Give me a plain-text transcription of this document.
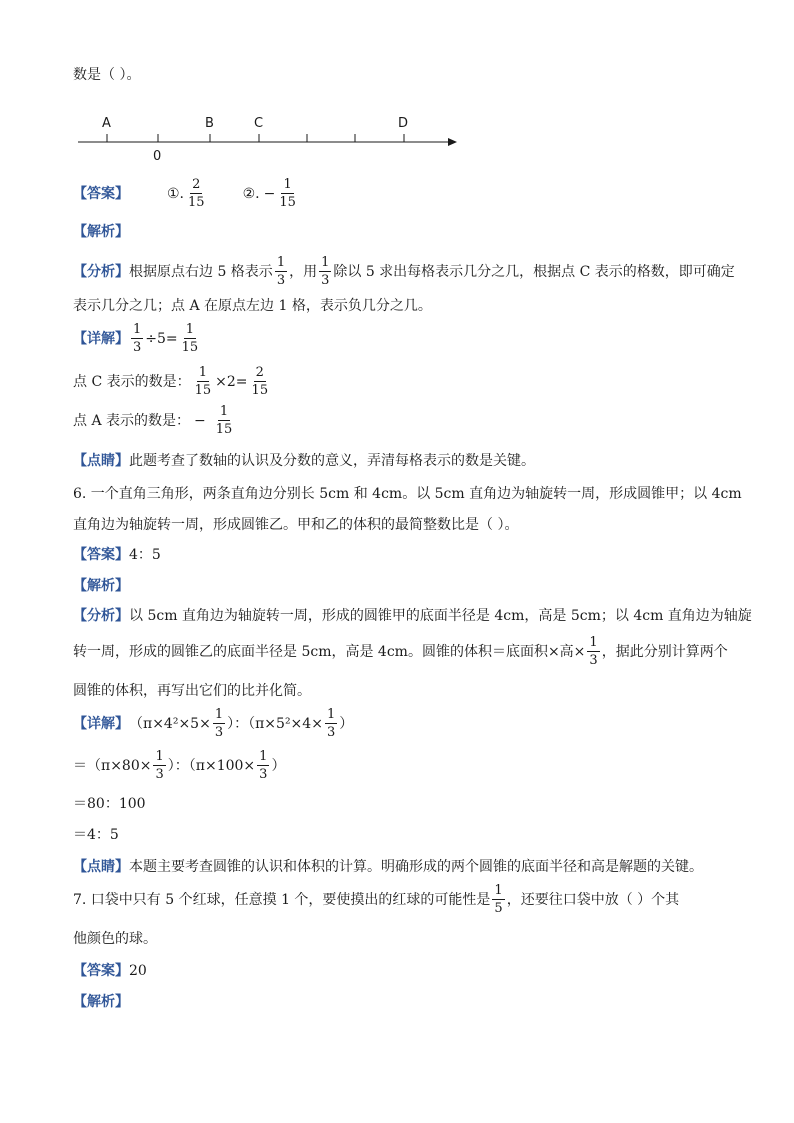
数是（ ）。
A	B	C	D
0
【答案】	①. $\frac{2}{15}$	②. − $\frac{1}{15}$
【解析】
【分析】 根据原点右边 5 格表示 $\frac{1}{3}$ ，用 $\frac{1}{3}$ 除以 5 求出每格表示几分之几，根据点 C 表示的格数，即可确定
表示几分之几；点 A 在原点左边 1 格，表示负几分之几。
【详解】 $\frac{1}{3} \div 5= \frac{1}{15}$
点 C 表示的数是： $\frac{1}{15} \times 2= \frac{2}{15}$
点 A 表示的数是： − $\frac{1}{15}$
【点睛】 此题考查了数轴的认识及分数的意义，弄清每格表示的数是关键。
6. 一个直角三角形，两条直角边分别长 5cm 和 4cm。以 5cm 直角边为轴旋转一周，形成圆锥甲；以 4cm
直角边为轴旋转一周，形成圆锥乙。甲和乙的体积的最简整数比是（ ）。
【答案】 4：5
【解析】
【分析】 以 5cm 直角边为轴旋转一周，形成的圆锥甲的底面半径是 4cm，高是 5cm；以 4cm 直角边为轴旋
转一周，形成的圆锥乙的底面半径是 5cm，高是 4cm。圆锥的体积＝底面积×高× $\frac{1}{3}$ ，据此分别计算两个
圆锥的体积，再写出它们的比并化简。
【详解】 （$\pi\times 4^2\times 5\times \frac{1}{3}$ ）：（$\pi\times 5^2\times 4\times \frac{1}{3}$ ）
$=(\pi\times 80\times \frac{1}{3}$ ）：（$\pi\times 100\times \frac{1}{3}$ ）
＝80：100
＝4：5
【点睛】 本题主要考查圆锥的认识和体积的计算。明确形成的两个圆锥的底面半径和高是解题的关键。
7. 口袋中只有 5 个红球，任意摸 1 个，要使摸出的红球的可能性是 $\frac{1}{5}$ ，还要往口袋中放（ ）个其
他颜色的球。
【答案】 20
【解析】
